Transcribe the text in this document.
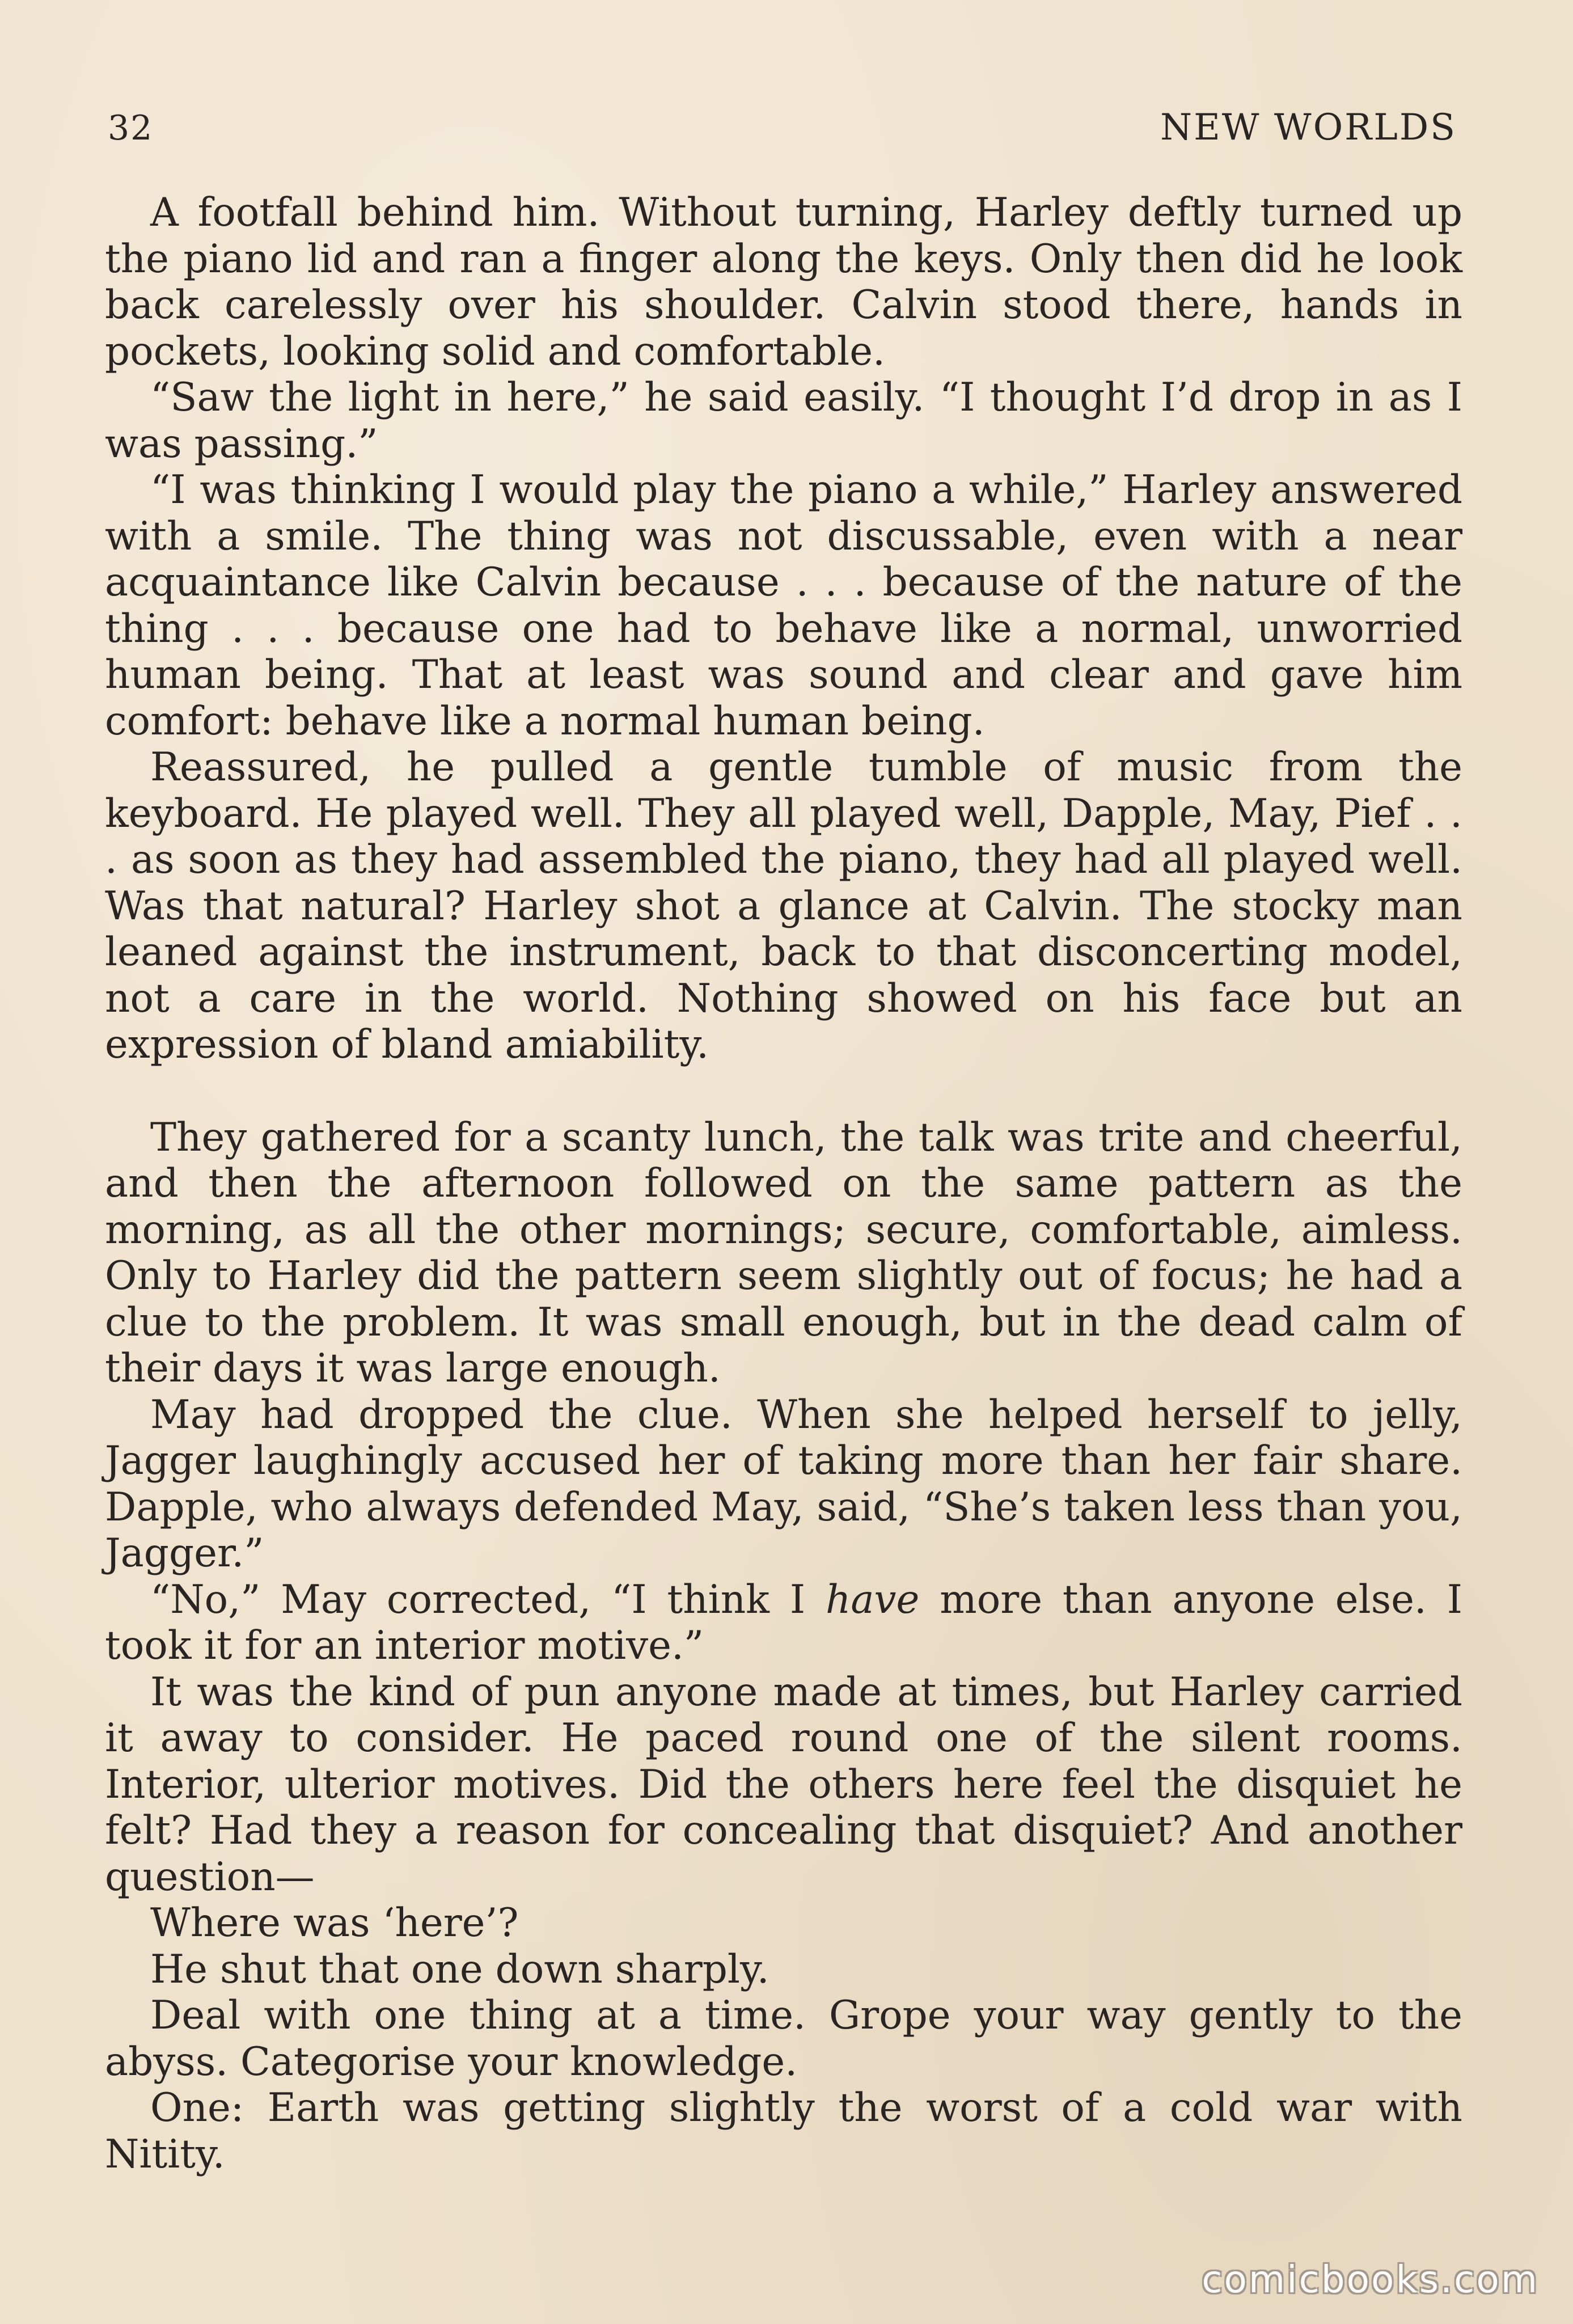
32	NEW WORLDS

A footfall behind him. Without turning, Harley deftly turned up the piano lid and ran a finger along the keys. Only then did he look back carelessly over his shoulder. Calvin stood there, hands in pockets, looking solid and comfortable.

“Saw the light in here,” he said easily. “I thought I’d drop in as I was passing.”

“I was thinking I would play the piano a while,” Harley answered with a smile. The thing was not discussable, even with a near acquaintance like Calvin because . . . because of the nature of the thing . . . because one had to behave like a normal, unworried human being. That at least was sound and clear and gave him comfort: behave like a normal human being.

Reassured, he pulled a gentle tumble of music from the keyboard. He played well. They all played well, Dapple, May, Pief . . . as soon as they had assembled the piano, they had all played well. Was that natural? Harley shot a glance at Calvin. The stocky man leaned against the instrument, back to that disconcerting model, not a care in the world. Nothing showed on his face but an expression of bland amiability.

They gathered for a scanty lunch, the talk was trite and cheerful, and then the afternoon followed on the same pattern as the morning, as all the other mornings; secure, comfortable, aimless. Only to Harley did the pattern seem slightly out of focus; he had a clue to the problem. It was small enough, but in the dead calm of their days it was large enough.

May had dropped the clue. When she helped herself to jelly, Jagger laughingly accused her of taking more than her fair share. Dapple, who always defended May, said, “She’s taken less than you, Jagger.”

“No,” May corrected, “I think I have more than anyone else. I took it for an interior motive.”

It was the kind of pun anyone made at times, but Harley carried it away to consider. He paced round one of the silent rooms. Interior, ulterior motives. Did the others here feel the disquiet he felt? Had they a reason for concealing that disquiet? And another question—

Where was ‘here’?

He shut that one down sharply.

Deal with one thing at a time. Grope your way gently to the abyss. Categorise your knowledge.

One: Earth was getting slightly the worst of a cold war with Nitity.

comicbooks.com
